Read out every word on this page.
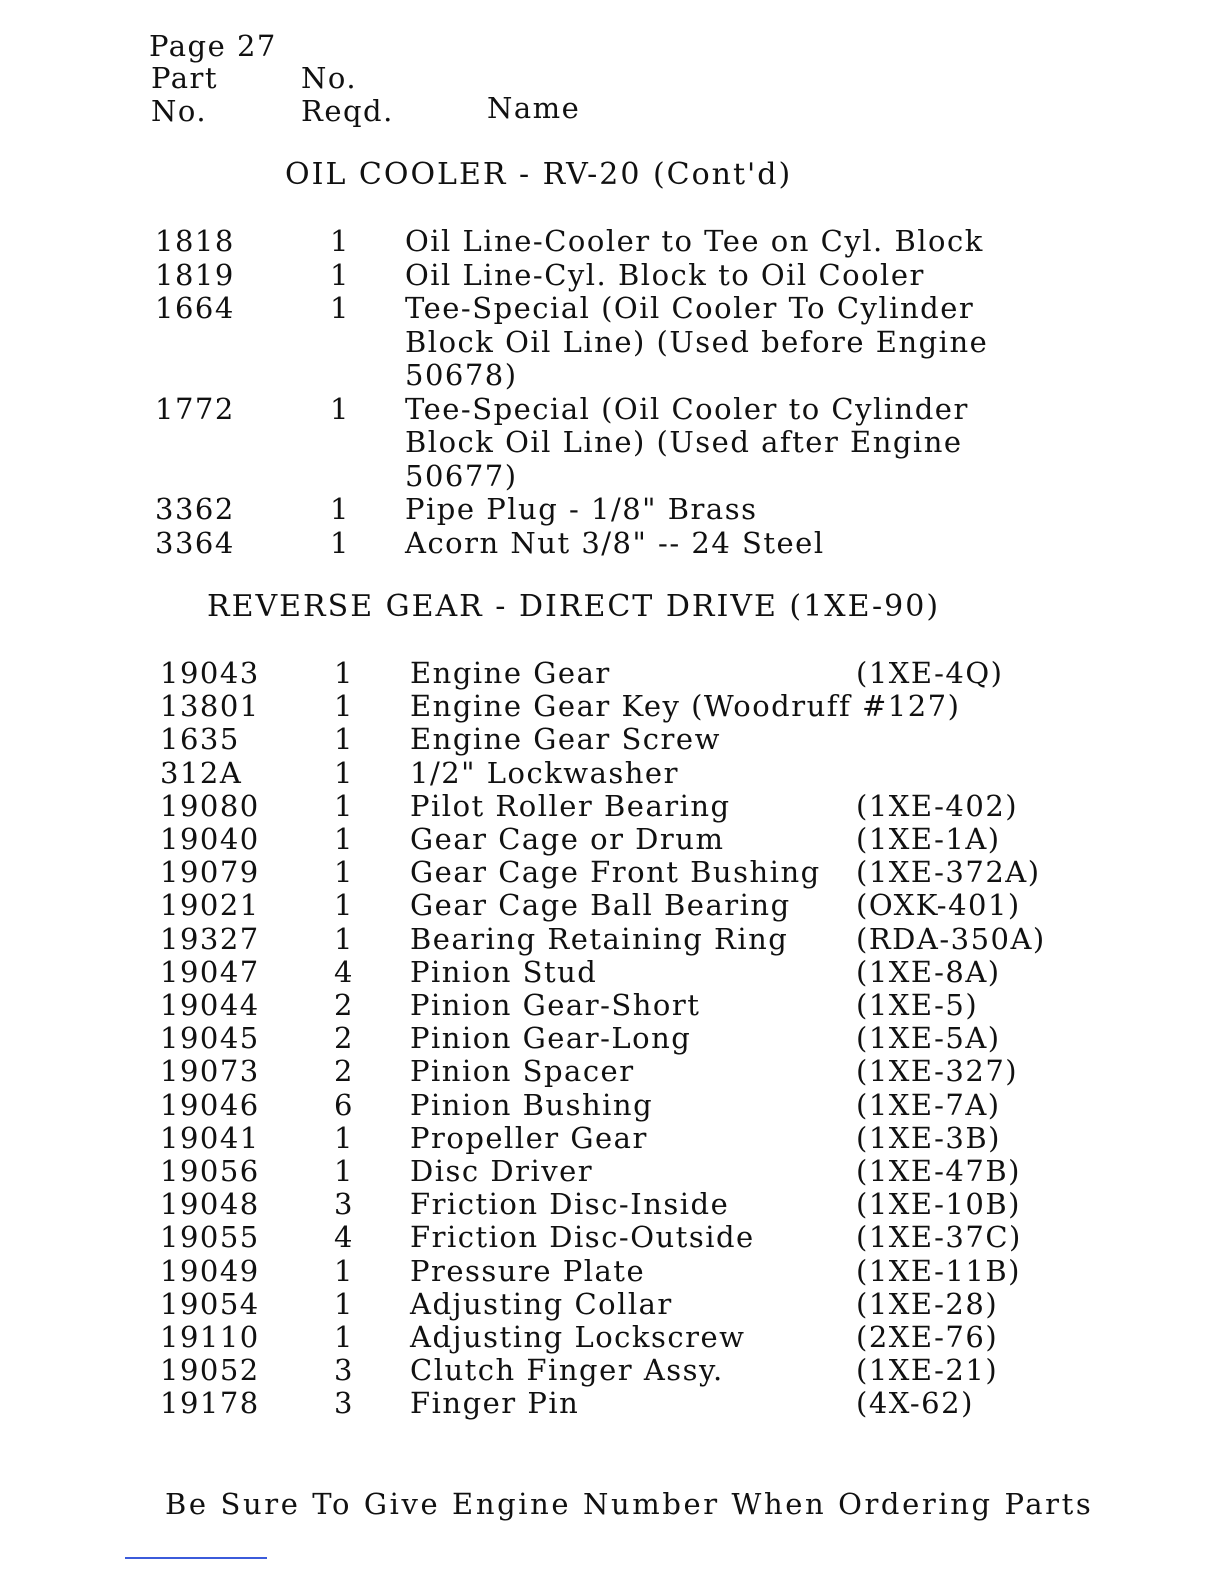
Page 27
Part
No.
No.
Reqd.	Name
OIL COOLER - RV-20 (Cont'd)
1818	1 Oil Line-Cooler to Tee on Cyl. Block
1819	1 Oil Line-Cyl. Block to Oil Cooler
1664	1 Tee-Special (Oil Cooler To Cylinder
Block Oil Line) (Used before Engine
50678)
1772	1 Tee-Special (Oil Cooler to Cylinder
Block Oil Line) (Used after Engine
50677)
3362	1 Pipe Plug - 1/8" Brass
3364	1 Acorn Nut 3/8" -- 24 Steel
REVERSE GEAR - DIRECT DRIVE (1XE-90)
19043	1 Engine Gear	(1XE-4Q)
13801	1 Engine Gear Key (Woodruff #127)
1635	1 Engine Gear Screw
312A	1 1/2" Lockwasher
19080	1 Pilot Roller Bearing	(1XE-402)
19040	1 Gear Cage or Drum	(1XE-1A)
19079	1 Gear Cage Front Bushing (1XE-372A)
19021	1 Gear Cage Ball Bearing (OXK-401)
19327	1 Bearing Retaining Ring (RDA-350A)
19047	4 Pinion Stud	(1XE-8A)
19044	2 Pinion Gear-Short	(1XE-5)
19045	2 Pinion Gear-Long	(1XE-5A)
19073	2 Pinion Spacer	(1XE-327)
19046	6 Pinion Bushing	(1XE-7A)
19041	1 Propeller Gear	(1XE-3B)
19056	1 Disc Driver	(1XE-47B)
19048	3 Friction Disc-Inside	(1XE-10B)
19055	4 Friction Disc-Outside	(1XE-37C)
19049	1 Pressure Plate	(1XE-11B)
19054	1 Adjusting Collar	(1XE-28)
19110	1 Adjusting Lockscrew	(2XE-76)
19052	3 Clutch Finger Assy.	(1XE-21)
19178	3 Finger Pin	(4X-62)
Be Sure To Give Engine Number When Ordering Parts
